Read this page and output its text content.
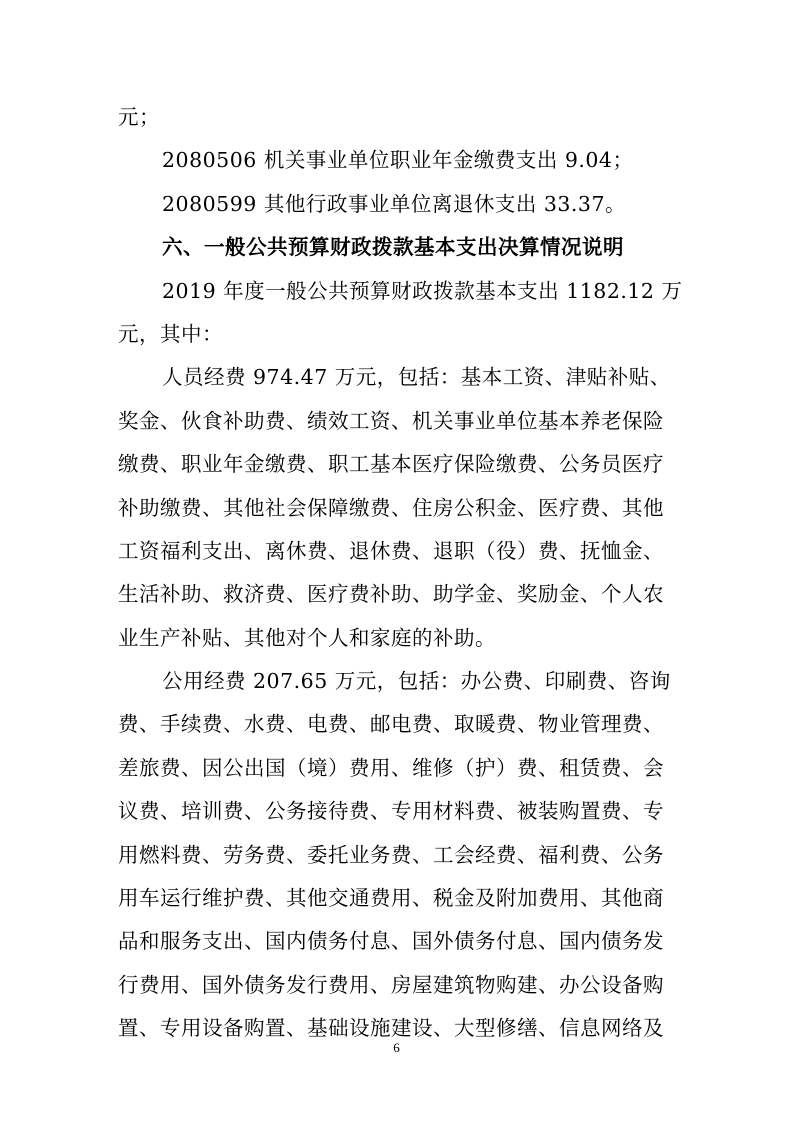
元；
2080506 机关事业单位职业年金缴费支出 9.04；
2080599 其他行政事业单位离退休支出 33.37。
六、一般公共预算财政拨款基本支出决算情况说明
2019 年度一般公共预算财政拨款基本支出 1182.12 万
元，其中：
人员经费 974.47 万元，包括：基本工资、津贴补贴、
奖金、伙食补助费、绩效工资、机关事业单位基本养老保险
缴费、职业年金缴费、职工基本医疗保险缴费、公务员医疗
补助缴费、其他社会保障缴费、住房公积金、医疗费、其他
工资福利支出、离休费、退休费、退职（役）费、抚恤金、
生活补助、救济费、医疗费补助、助学金、奖励金、个人农
业生产补贴、其他对个人和家庭的补助。
公用经费 207.65 万元，包括：办公费、印刷费、咨询
费、手续费、水费、电费、邮电费、取暖费、物业管理费、
差旅费、因公出国（境）费用、维修（护）费、租赁费、会
议费、培训费、公务接待费、专用材料费、被装购置费、专
用燃料费、劳务费、委托业务费、工会经费、福利费、公务
用车运行维护费、其他交通费用、税金及附加费用、其他商
品和服务支出、国内债务付息、国外债务付息、国内债务发
行费用、国外债务发行费用、房屋建筑物购建、办公设备购
置、专用设备购置、基础设施建设、大型修缮、信息网络及
6
